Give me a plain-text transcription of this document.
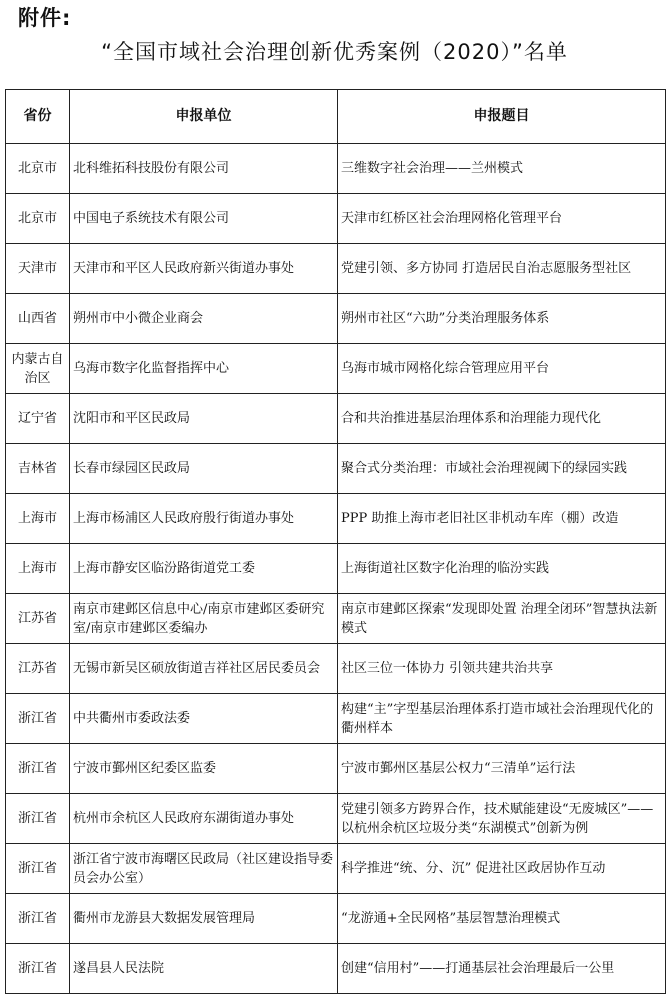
附件:
“全国市域社会治理创新优秀案例（2020）”名单
省份	申报单位	申报题目
北京市	北科维拓科技股份有限公司	三维数字社会治理——兰州模式
北京市	中国电子系统技术有限公司	天津市红桥区社会治理网格化管理平台
天津市	天津市和平区人民政府新兴街道办事处	党建引领、多方协同 打造居民自治志愿服务型社区
山西省	朔州市中小微企业商会	朔州市社区“六助”分类治理服务体系
内蒙古自治区	乌海市数字化监督指挥中心	乌海市城市网格化综合管理应用平台
辽宁省	沈阳市和平区民政局	合和共治推进基层治理体系和治理能力现代化
吉林省	长春市绿园区民政局	聚合式分类治理：市域社会治理视阈下的绿园实践
上海市	上海市杨浦区人民政府殷行街道办事处	PPP 助推上海市老旧社区非机动车库（棚）改造
上海市	上海市静安区临汾路街道党工委	上海街道社区数字化治理的临汾实践
江苏省	南京市建邺区信息中心/南京市建邺区委研究室/南京市建邺区委编办	南京市建邺区探索“发现即处置 治理全闭环”智慧执法新模式
江苏省	无锡市新吴区硕放街道吉祥社区居民委员会	社区三位一体协力 引领共建共治共享
浙江省	中共衢州市委政法委	构建“主”字型基层治理体系打造市域社会治理现代化的衢州样本
浙江省	宁波市鄞州区纪委区监委	宁波市鄞州区基层公权力“三清单”运行法
浙江省	杭州市余杭区人民政府东湖街道办事处	党建引领多方跨界合作，技术赋能建设“无废城区”——以杭州余杭区垃圾分类“东湖模式”创新为例
浙江省	浙江省宁波市海曙区民政局（社区建设指导委员会办公室）	科学推进“统、分、沉” 促进社区政居协作互动
浙江省	衢州市龙游县大数据发展管理局	“龙游通+全民网格”基层智慧治理模式
浙江省	遂昌县人民法院	创建“信用村”——打通基层社会治理最后一公里
